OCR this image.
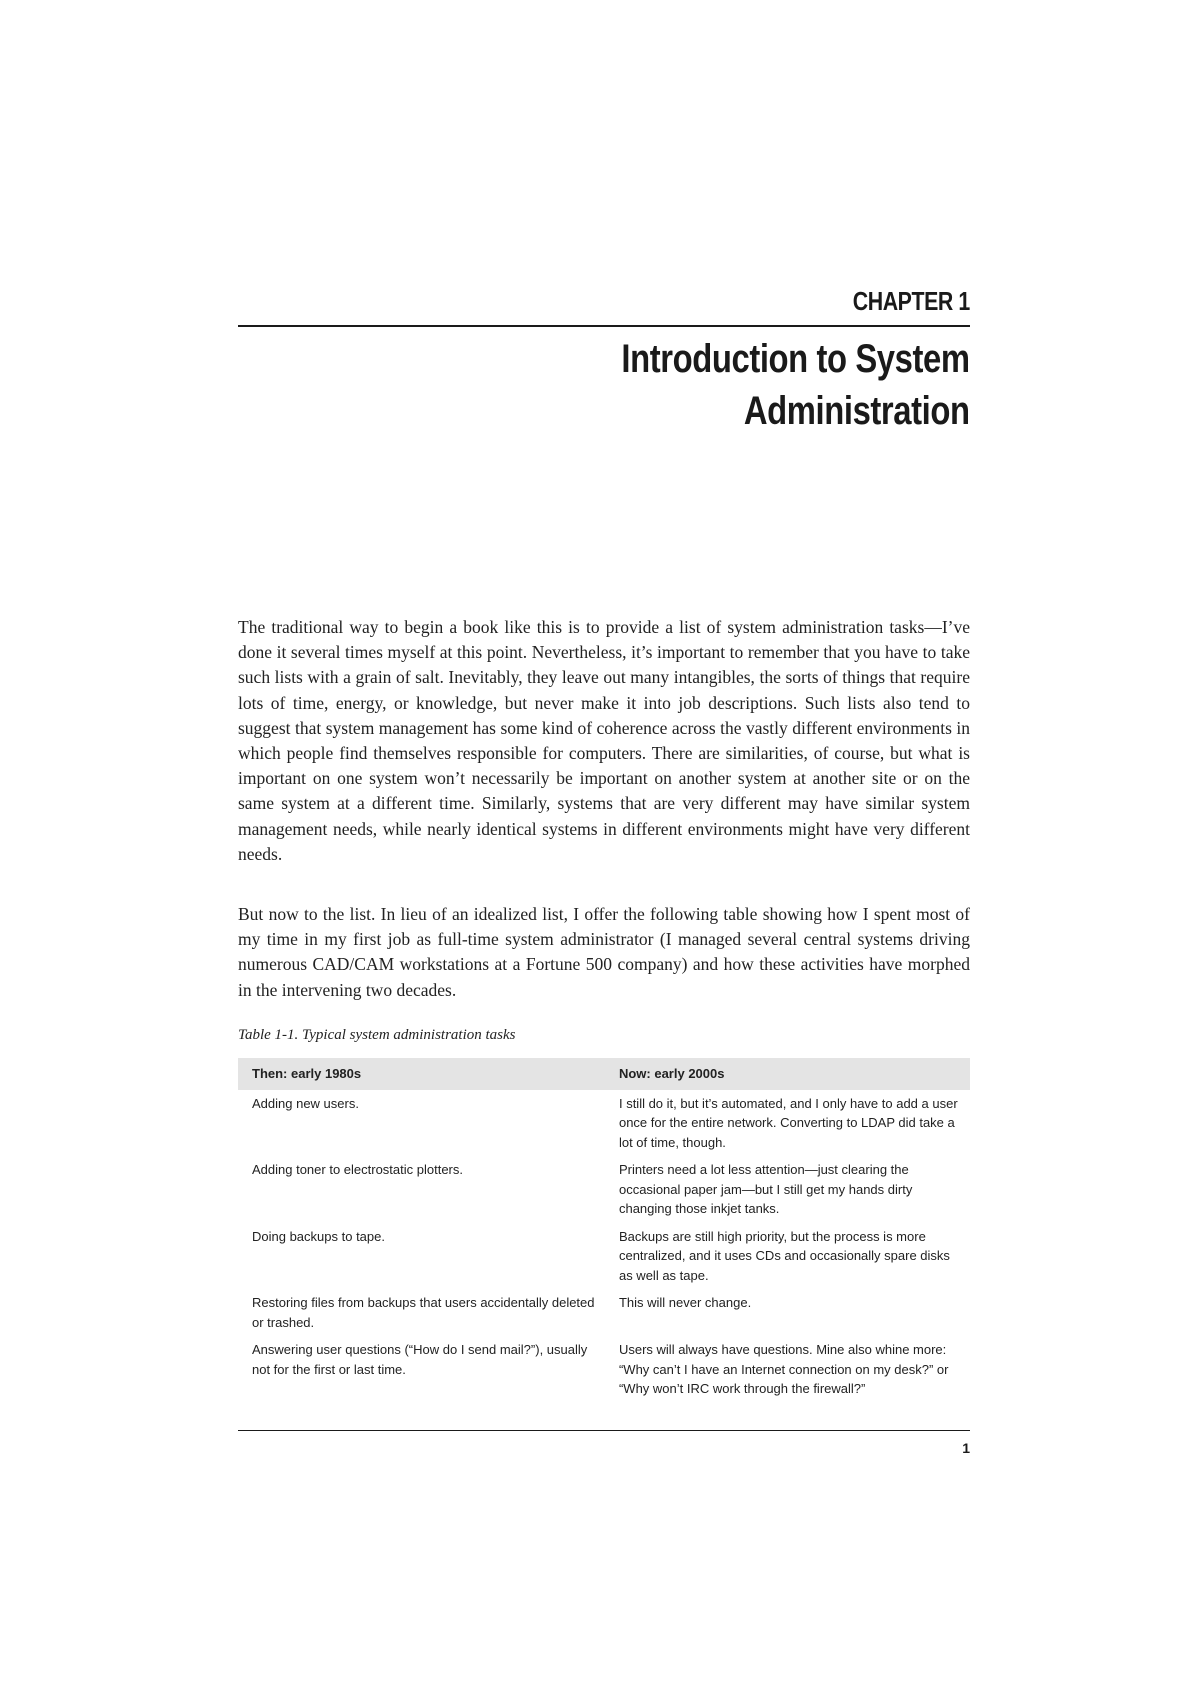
CHAPTER 1
Introduction to System
Administration

The traditional way to begin a book like this is to provide a list of system administration tasks—I’ve done it several times myself at this point. Nevertheless, it’s important to remember that you have to take such lists with a grain of salt. Inevitably, they leave out many intangibles, the sorts of things that require lots of time, energy, or knowledge, but never make it into job descriptions. Such lists also tend to suggest that system management has some kind of coherence across the vastly different environments in which people find themselves responsible for computers. There are similarities, of course, but what is important on one system won’t necessarily be important on another system at another site or on the same system at a different time. Similarly, systems that are very different may have similar system management needs, while nearly identical systems in different environments might have very different needs.

But now to the list. In lieu of an idealized list, I offer the following table showing how I spent most of my time in my first job as full-time system administrator (I managed several central systems driving numerous CAD/CAM workstations at a Fortune 500 company) and how these activities have morphed in the intervening two decades.

Table 1-1. Typical system administration tasks
Then: early 1980s	Now: early 2000s
Adding new users.	I still do it, but it’s automated, and I only have to add a user once for the entire network. Converting to LDAP did take a lot of time, though.
Adding toner to electrostatic plotters.	Printers need a lot less attention—just clearing the occasional paper jam—but I still get my hands dirty changing those inkjet tanks.
Doing backups to tape.	Backups are still high priority, but the process is more centralized, and it uses CDs and occasionally spare disks as well as tape.
Restoring files from backups that users accidentally deleted or trashed.	This will never change.
Answering user questions (“How do I send mail?”), usually not for the first or last time.	Users will always have questions. Mine also whine more: “Why can’t I have an Internet connection on my desk?” or “Why won’t IRC work through the firewall?”
1
